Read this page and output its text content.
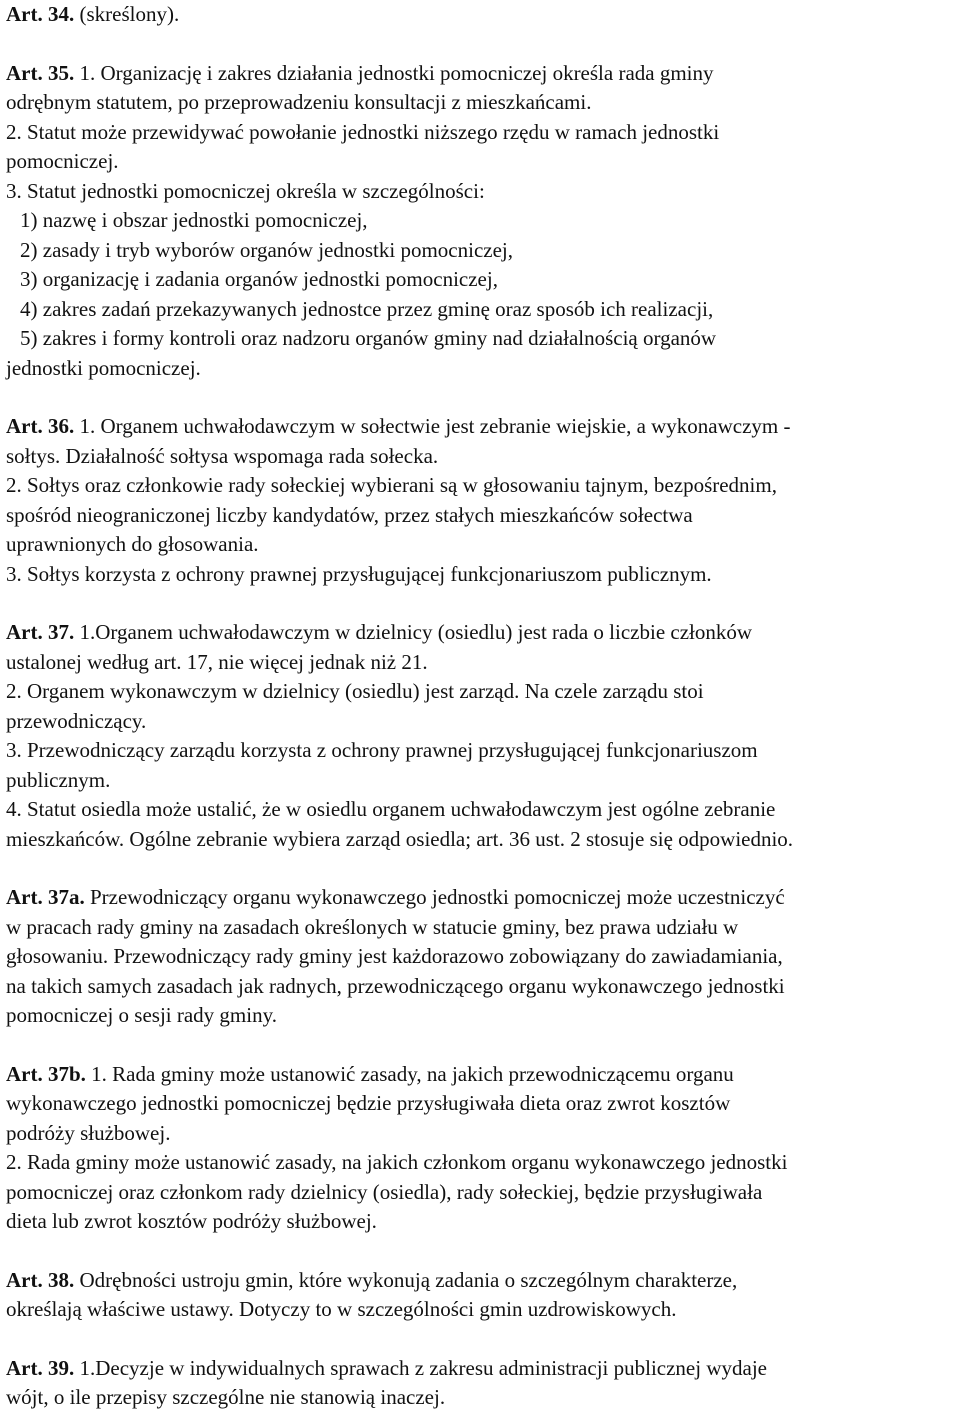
Art. 34. (skreślony).
Art. 35. 1. Organizację i zakres działania jednostki pomocniczej określa rada gminy
odrębnym statutem, po przeprowadzeniu konsultacji z mieszkańcami.
2. Statut może przewidywać powołanie jednostki niższego rzędu w ramach jednostki
pomocniczej.
3. Statut jednostki pomocniczej określa w szczególności:
1) nazwę i obszar jednostki pomocniczej,
2) zasady i tryb wyborów organów jednostki pomocniczej,
3) organizację i zadania organów jednostki pomocniczej,
4) zakres zadań przekazywanych jednostce przez gminę oraz sposób ich realizacji,
5) zakres i formy kontroli oraz nadzoru organów gminy nad działalnością organów
jednostki pomocniczej.
Art. 36. 1. Organem uchwałodawczym w sołectwie jest zebranie wiejskie, a wykonawczym -
sołtys. Działalność sołtysa wspomaga rada sołecka.
2. Sołtys oraz członkowie rady sołeckiej wybierani są w głosowaniu tajnym, bezpośrednim,
spośród nieograniczonej liczby kandydatów, przez stałych mieszkańców sołectwa
uprawnionych do głosowania.
3. Sołtys korzysta z ochrony prawnej przysługującej funkcjonariuszom publicznym.
Art. 37. 1.Organem uchwałodawczym w dzielnicy (osiedlu) jest rada o liczbie członków
ustalonej według art. 17, nie więcej jednak niż 21.
2. Organem wykonawczym w dzielnicy (osiedlu) jest zarząd. Na czele zarządu stoi
przewodniczący.
3. Przewodniczący zarządu korzysta z ochrony prawnej przysługującej funkcjonariuszom
publicznym.
4. Statut osiedla może ustalić, że w osiedlu organem uchwałodawczym jest ogólne zebranie
mieszkańców. Ogólne zebranie wybiera zarząd osiedla; art. 36 ust. 2 stosuje się odpowiednio.
Art. 37a. Przewodniczący organu wykonawczego jednostki pomocniczej może uczestniczyć
w pracach rady gminy na zasadach określonych w statucie gminy, bez prawa udziału w
głosowaniu. Przewodniczący rady gminy jest każdorazowo zobowiązany do zawiadamiania,
na takich samych zasadach jak radnych, przewodniczącego organu wykonawczego jednostki
pomocniczej o sesji rady gminy.
Art. 37b. 1. Rada gminy może ustanowić zasady, na jakich przewodniczącemu organu
wykonawczego jednostki pomocniczej będzie przysługiwała dieta oraz zwrot kosztów
podróży służbowej.
2. Rada gminy może ustanowić zasady, na jakich członkom organu wykonawczego jednostki
pomocniczej oraz członkom rady dzielnicy (osiedla), rady sołeckiej, będzie przysługiwała
dieta lub zwrot kosztów podróży służbowej.
Art. 38. Odrębności ustroju gmin, które wykonują zadania o szczególnym charakterze,
określają właściwe ustawy. Dotyczy to w szczególności gmin uzdrowiskowych.
Art. 39. 1.Decyzje w indywidualnych sprawach z zakresu administracji publicznej wydaje
wójt, o ile przepisy szczególne nie stanowią inaczej.
